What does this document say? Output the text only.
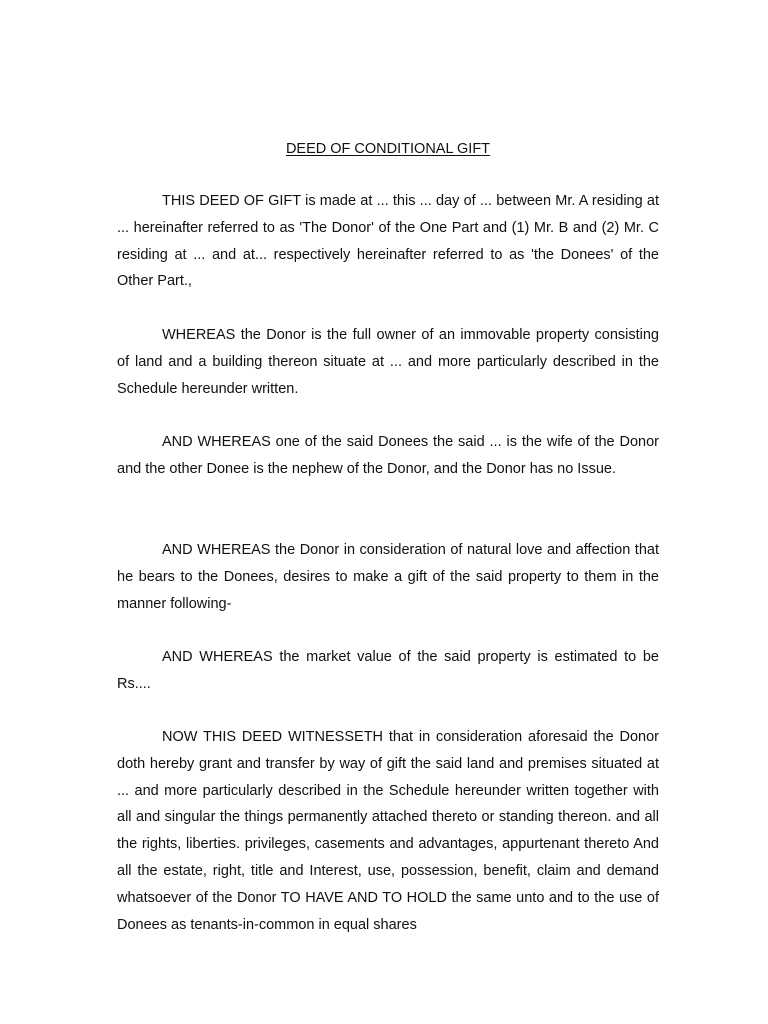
DEED OF CONDITIONAL GIFT

THIS DEED OF GIFT is made at ... this ... day of ... between Mr. A residing at ... hereinafter referred to as 'The Donor' of the One Part and (1) Mr. B and (2) Mr. C residing at ... and at... respectively hereinafter referred to as 'the Donees' of the Other Part.,

WHEREAS the Donor is the full owner of an immovable property consisting of land and a building thereon situate at ... and more particularly described in the Schedule hereunder written.

AND WHEREAS one of the said Donees the said ... is the wife of the Donor and the other Donee is the nephew of the Donor, and the Donor has no Issue.

AND WHEREAS the Donor in consideration of natural love and affection that he bears to the Donees, desires to make a gift of the said property to them in the manner following-

AND WHEREAS the market value of the said property is estimated to be Rs....

NOW THIS DEED WITNESSETH that in consideration aforesaid the Donor doth hereby grant and transfer by way of gift the said land and premises situated at ... and more particularly described in the Schedule hereunder written together with all and singular the things permanently attached thereto or standing thereon. and all the rights, liberties. privileges, casements and advantages, appurtenant thereto And all the estate, right, title and Interest, use, possession, benefit, claim and demand whatsoever of the Donor TO HAVE AND TO HOLD the same unto and to the use of Donees as tenants-in-common in equal shares
